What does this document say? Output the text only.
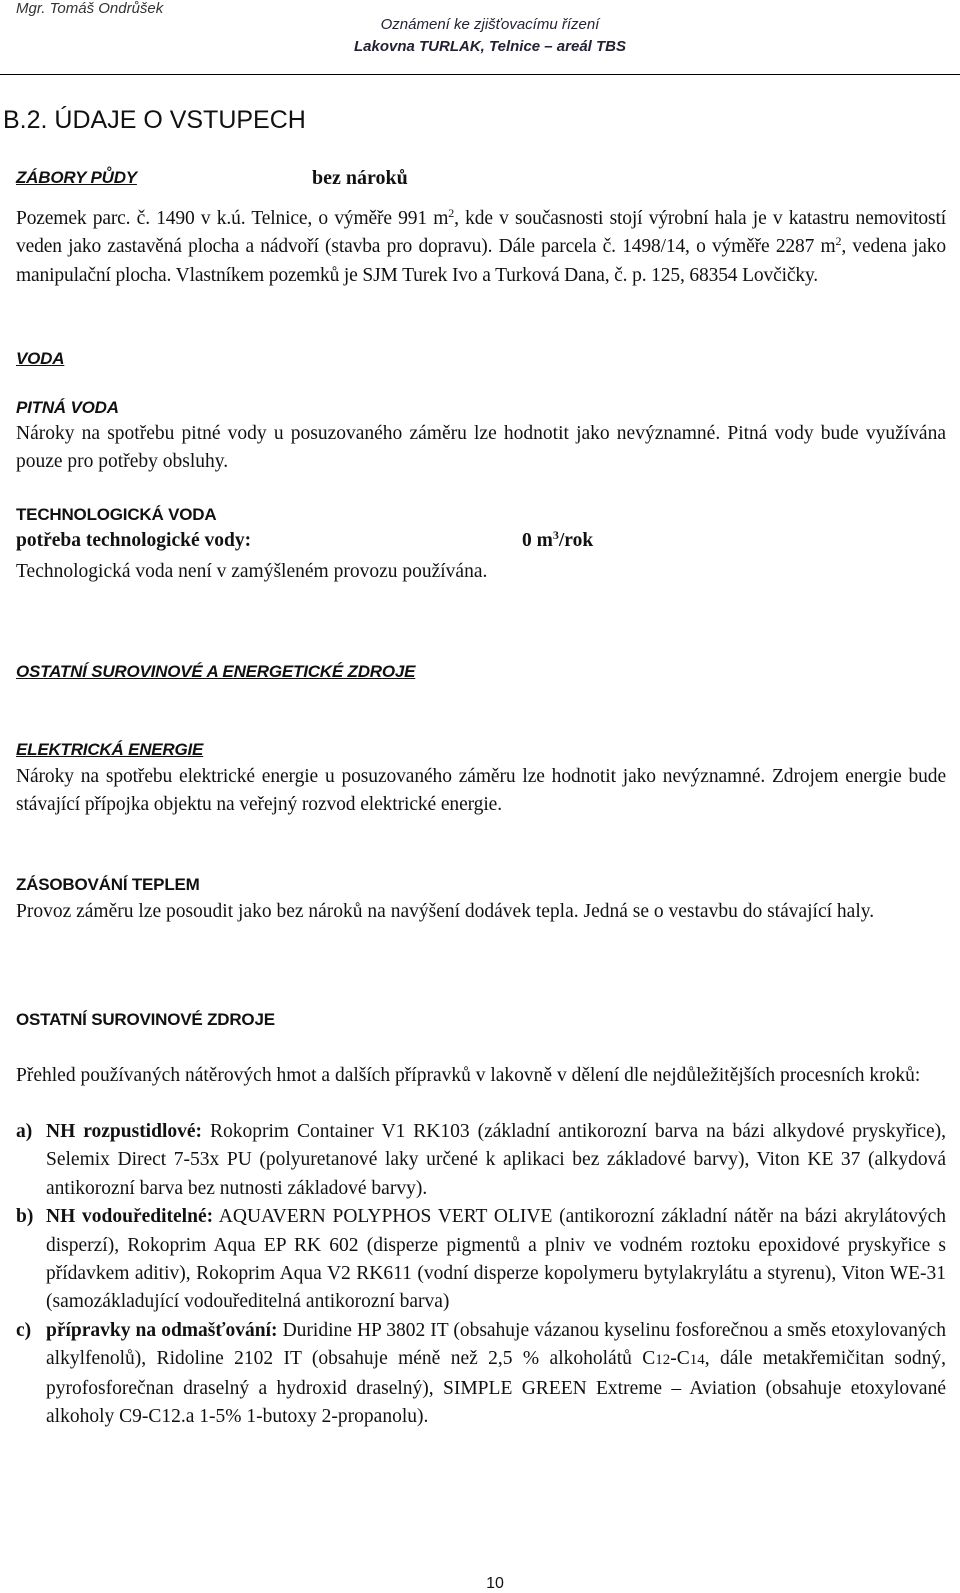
Mgr. Tomáš Ondrůšek
Oznámení ke zjišťovacímu řízení
Lakovna TURLAK, Telnice – areál TBS
B.2. ÚDAJE O VSTUPECH
ZÁBORY PŮDY	bez nároků
Pozemek parc. č. 1490 v k.ú. Telnice, o výměře 991 $m^2$, kde v současnosti stojí výrobní hala je v katastru nemovitostí veden jako zastavěná plocha a nádvoří (stavba pro dopravu). Dále parcela č. 1498/14, o výměře 2287 $m^2$, vedena jako manipulační plocha. Vlastníkem pozemků je SJM Turek Ivo a Turková Dana, č. p. 125, 68354 Lovčičky.
VODA
PITNÁ VODA
Nároky na spotřebu pitné vody u posuzovaného záměru lze hodnotit jako nevýznamné. Pitná vody bude využívána pouze pro potřeby obsluhy.
TECHNOLOGICKÁ VODA
potřeba technologické vody:	0 $m^3$/rok
Technologická voda není v zamýšleném provozu používána.
OSTATNÍ SUROVINOVÉ A ENERGETICKÉ ZDROJE
ELEKTRICKÁ ENERGIE
Nároky na spotřebu elektrické energie u posuzovaného záměru lze hodnotit jako nevýznamné. Zdrojem energie bude stávající přípojka objektu na veřejný rozvod elektrické energie.
ZÁSOBOVÁNÍ TEPLEM
Provoz záměru lze posoudit jako bez nároků na navýšení dodávek tepla. Jedná se o vestavbu do stávající haly.
OSTATNÍ SUROVINOVÉ ZDROJE
Přehled používaných nátěrových hmot a dalších přípravků v lakovně v dělení dle nejdůležitějších procesních kroků:
a) NH rozpustidlové: Rokoprim Container V1 RK103 (základní antikorozní barva na bázi alkydové pryskyřice), Selemix Direct 7-53x PU (polyuretanové laky určené k aplikaci bez základové barvy), Viton KE 37 (alkydová antikorozní barva bez nutnosti základové barvy).
b) NH vodouředitelné: AQUAVERN POLYPHOS VERT OLIVE (antikorozní základní nátěr na bázi akrylátových disperzí), Rokoprim Aqua EP RK 602 (disperze pigmentů a plniv ve vodném roztoku epoxidové pryskyřice s přídavkem aditiv), Rokoprim Aqua V2 RK611 (vodní disperze kopolymeru bytylakrylátu a styrenu), Viton WE-31 (samozákladující vodouředitelná antikorozní barva)
c) přípravky na odmašťování: Duridine HP 3802 IT (obsahuje vázanou kyselinu fosforečnou a směs etoxylovaných alkylfenolů), Ridoline 2102 IT (obsahuje méně než 2,5 % alkoholátů C12-C14, dále metakřemičitan sodný, pyrofosforečnan draselný a hydroxid draselný), SIMPLE GREEN Extreme – Aviation (obsahuje etoxylované alkoholy C9-C12.a 1-5% 1-butoxy 2-propanolu).
10
